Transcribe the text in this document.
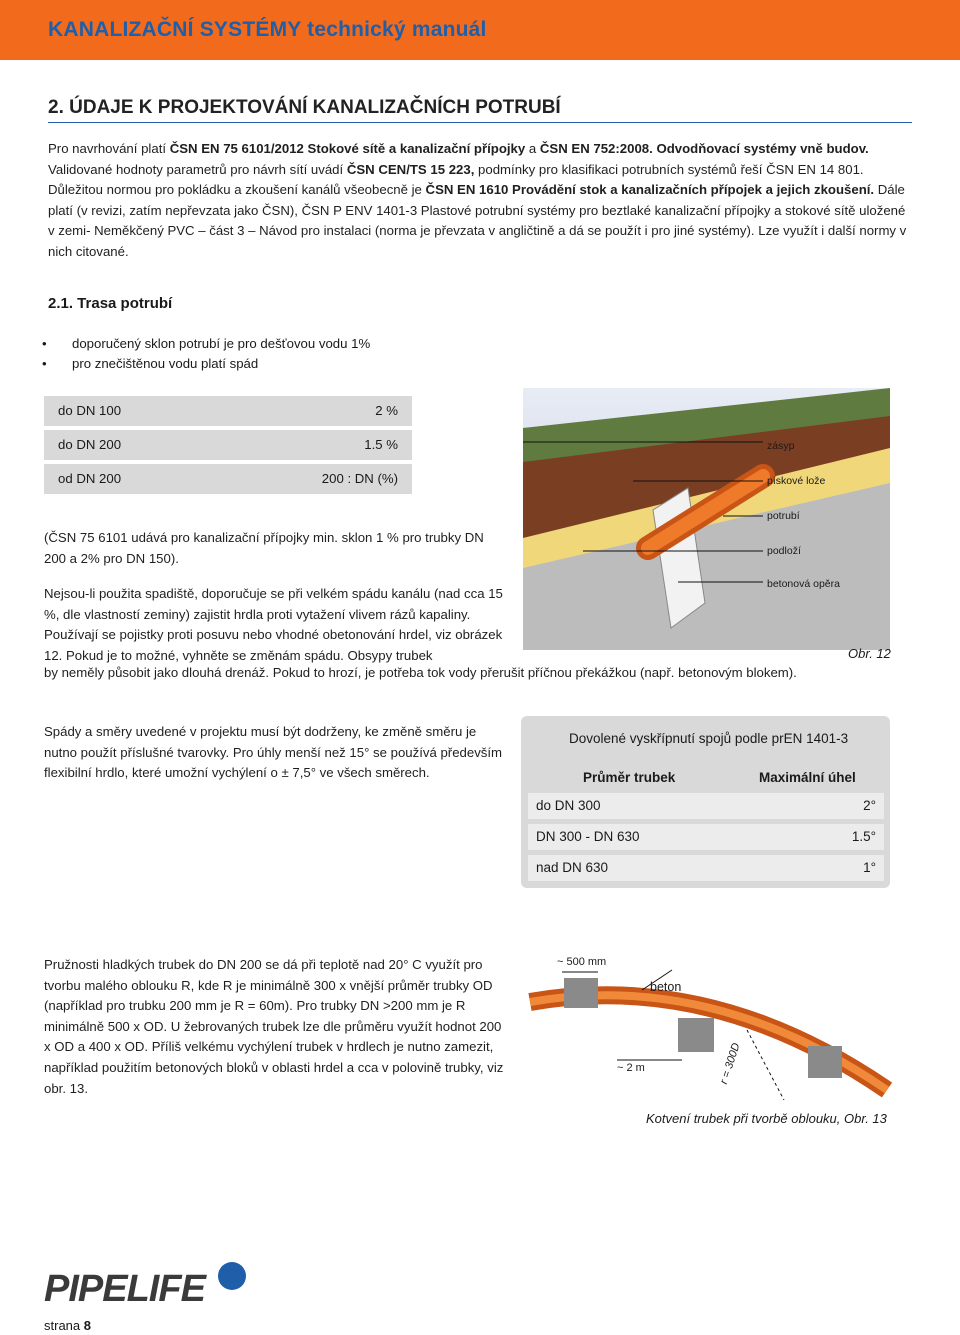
KANALIZAČNÍ SYSTÉMY technický manuál
2. ÚDAJE K PROJEKTOVÁNÍ KANALIZAČNÍCH POTRUBÍ
Pro navrhování platí ČSN EN 75 6101/2012 Stokové sítě a kanalizační přípojky a ČSN EN 752:2008. Odvodňovací systémy vně budov. Validované hodnoty parametrů pro návrh sítí uvádí ČSN CEN/TS 15 223, podmínky pro klasifikaci potrubních systémů řeší ČSN EN 14 801. Důležitou normou pro pokládku a zkoušení kanálů všeobecně je ČSN EN 1610 Provádění stok a kanalizačních přípojek a jejich zkoušení. Dále platí (v revizi, zatím nepřevzata jako ČSN), ČSN P ENV 1401-3 Plastové potrubní systémy pro beztlaké kanalizační přípojky a stokové sítě uložené v zemi- Neměkčený PVC – část 3 – Návod pro instalaci (norma je převzata v angličtině a dá se použít i pro jiné systémy). Lze využít i další normy v nich citované.
2.1. Trasa potrubí
• doporučený sklon potrubí je pro dešťovou vodu 1%
• pro znečištěnou vodu platí spád
do DN 100	2 %
do DN 200	1.5 %
od DN 200	200 : DN (%)
(ČSN 75 6101 udává pro kanalizační přípojky min. sklon 1 % pro trubky DN 200 a 2% pro DN 150).
Nejsou-li použita spadiště, doporučuje se při velkém spádu kanálu (nad cca 15 %, dle vlastností zeminy) zajistit hrdla proti vytažení vlivem rázů kapaliny. Používají se pojistky proti posuvu nebo vhodné obetonování hrdel, viz obrázek 12. Pokud je to možné, vyhněte se změnám spádu. Obsypy trubek
by neměly působit jako dlouhá drenáž. Pokud to hrozí, je potřeba tok vody přerušit příčnou překážkou (např. betonovým blokem).
zásyp
pískové lože
potrubí
podloží
betonová opěra
Obr. 12
Spády a směry uvedené v projektu musí být dodrženy, ke změně směru je nutno použít příslušné tvarovky. Pro úhly menší než 15° se používá především flexibilní hrdlo, které umožní vychýlení o ± 7,5° ve všech směrech.
Dovolené vyskřípnutí spojů podle prEN 1401-3
Průměr trubek	Maximální úhel
do DN 300	2°
DN 300 - DN 630	1.5°
nad DN 630	1°
Pružnosti hladkých trubek do DN 200 se dá při teplotě nad 20° C využít pro tvorbu malého oblouku R, kde R je minimálně 300 x vnější průměr trubky OD (například pro trubku 200 mm je R = 60m). Pro trubky DN >200 mm je R minimálně 500 x OD. U žebrovaných trubek lze dle průměru využít hodnot 200 x OD a 400 x OD. Příliš velkému vychýlení trubek v hrdlech je nutno zamezit, například použitím betonových bloků v oblasti hrdel a cca v polovině trubky, viz obr. 13.
~ 500 mm
beton
~ 2 m	r = 300D
Kotvení trubek při tvorbě oblouku, Obr. 13
PIPELIFE
strana 8
